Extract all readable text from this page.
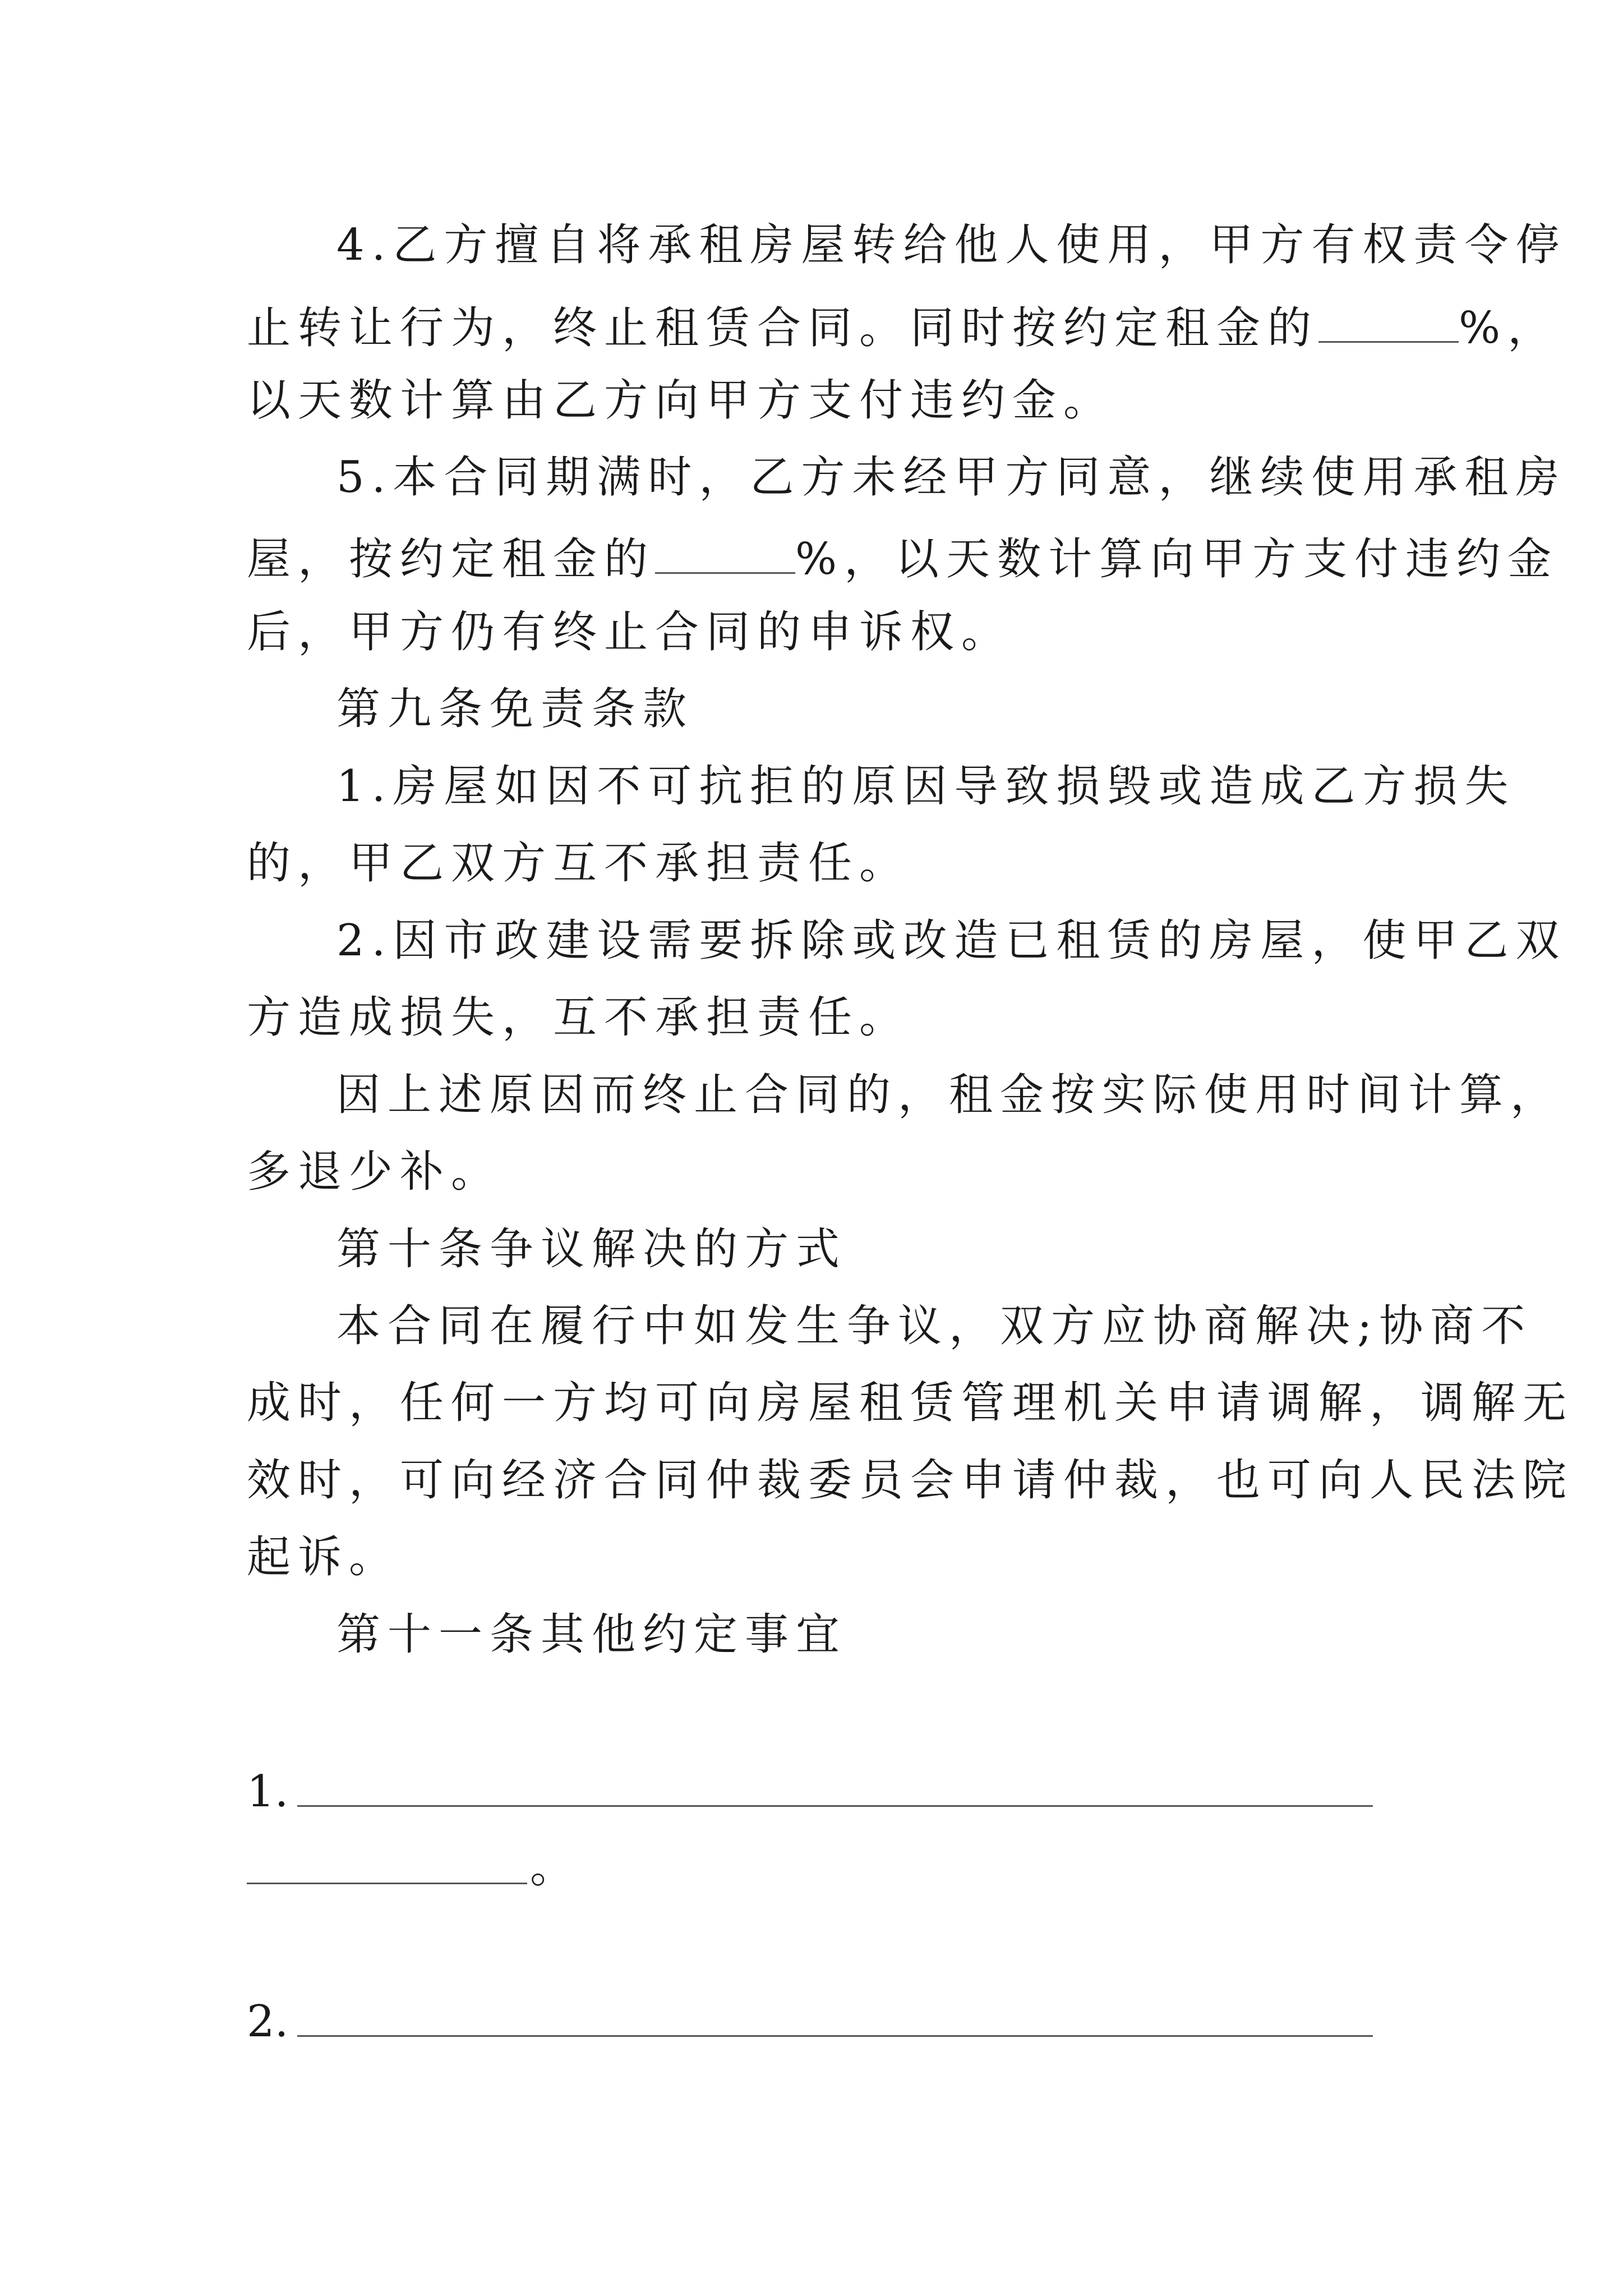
4.乙方擅自将承租房屋转给他人使用，甲方有权责令停
止转让行为，终止租赁合同。同时按约定租金的	%，
以天数计算由乙方向甲方支付违约金。
5.本合同期满时，乙方未经甲方同意，继续使用承租房
屋，按约定租金的	%，以天数计算向甲方支付违约金
后，甲方仍有终止合同的申诉权。
第九条免责条款
1.房屋如因不可抗拒的原因导致损毁或造成乙方损失
的，甲乙双方互不承担责任。
2.因市政建设需要拆除或改造已租赁的房屋，使甲乙双
方造成损失，互不承担责任。
因上述原因而终止合同的，租金按实际使用时间计算，
多退少补。
第十条争议解决的方式
本合同在履行中如发生争议，双方应协商解决;协商不
成时，任何一方均可向房屋租赁管理机关申请调解，调解无
效时，可向经济合同仲裁委员会申请仲裁，也可向人民法院
起诉。
第十一条其他约定事宜
1.
。
2.
